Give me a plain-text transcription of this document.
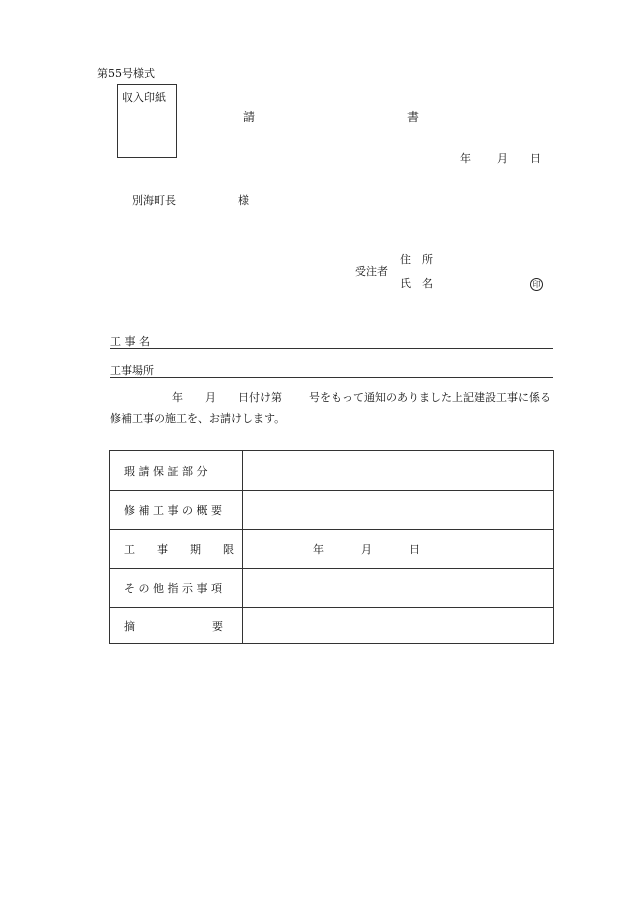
第55号様式
収入印紙
請	書
年 月 日
別海町長	様
受注者
住　所
氏　名	印
工 事 名
工事場所
年 月 日付け第 号をもって通知のありました上記建設工事に係る
修補工事の施工を、お請けします。
瑕 請 保 証 部 分
修 補 工 事 の 概 要
工　　事　　期　　限	年	月	日
そ の 他 指 示 事 項
摘　　　　　　　要
